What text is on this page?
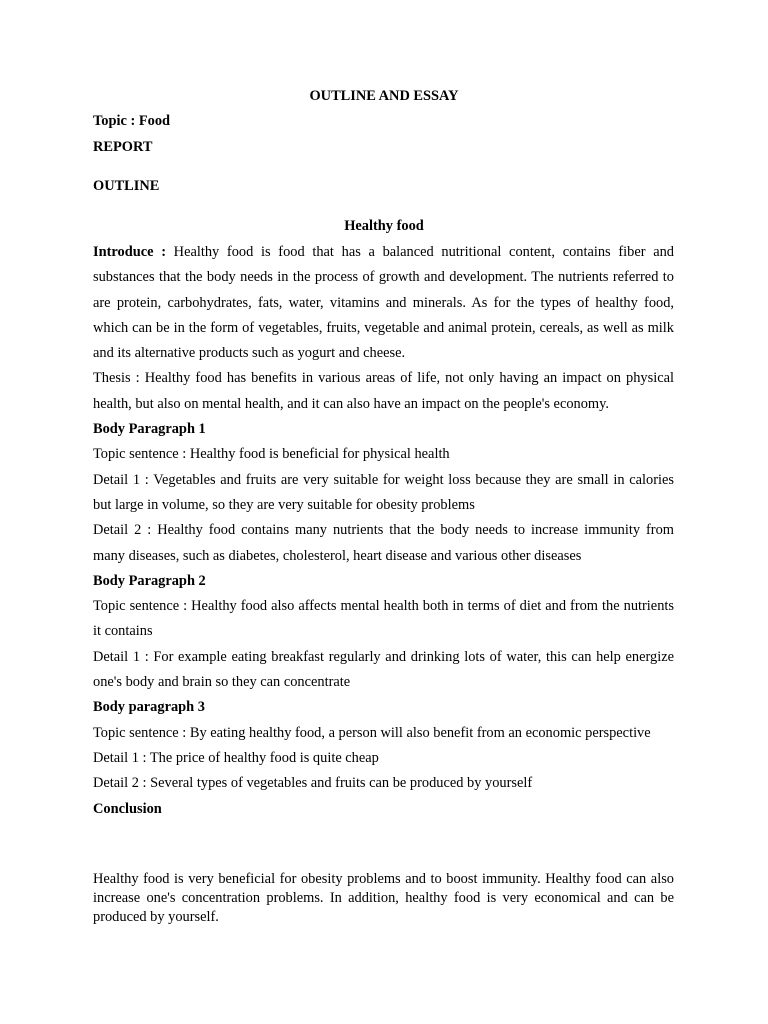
OUTLINE AND ESSAY
Topic : Food
REPORT
OUTLINE
Healthy food

Introduce : Healthy food is food that has a balanced nutritional content, contains fiber and substances that the body needs in the process of growth and development. The nutrients referred to are protein, carbohydrates, fats, water, vitamins and minerals. As for the types of healthy food, which can be in the form of vegetables, fruits, vegetable and animal protein, cereals, as well as milk and its alternative products such as yogurt and cheese.

Thesis : Healthy food has benefits in various areas of life, not only having an impact on physical health, but also on mental health, and it can also have an impact on the people's economy.

Body Paragraph 1

Topic sentence : Healthy food is beneficial for physical health

Detail 1 : Vegetables and fruits are very suitable for weight loss because they are small in calories but large in volume, so they are very suitable for obesity problems

Detail 2 : Healthy food contains many nutrients that the body needs to increase immunity from many diseases, such as diabetes, cholesterol, heart disease and various other diseases

Body Paragraph 2

Topic sentence : Healthy food also affects mental health both in terms of diet and from the nutrients it contains

Detail 1 : For example eating breakfast regularly and drinking lots of water, this can help energize one's body and brain so they can concentrate

Body paragraph 3

Topic sentence : By eating healthy food, a person will also benefit from an economic perspective

Detail 1 : The price of healthy food is quite cheap

Detail 2 : Several types of vegetables and fruits can be produced by yourself

Conclusion

Healthy food is very beneficial for obesity problems and to boost immunity. Healthy food can also increase one's concentration problems. In addition, healthy food is very economical and can be produced by yourself.
